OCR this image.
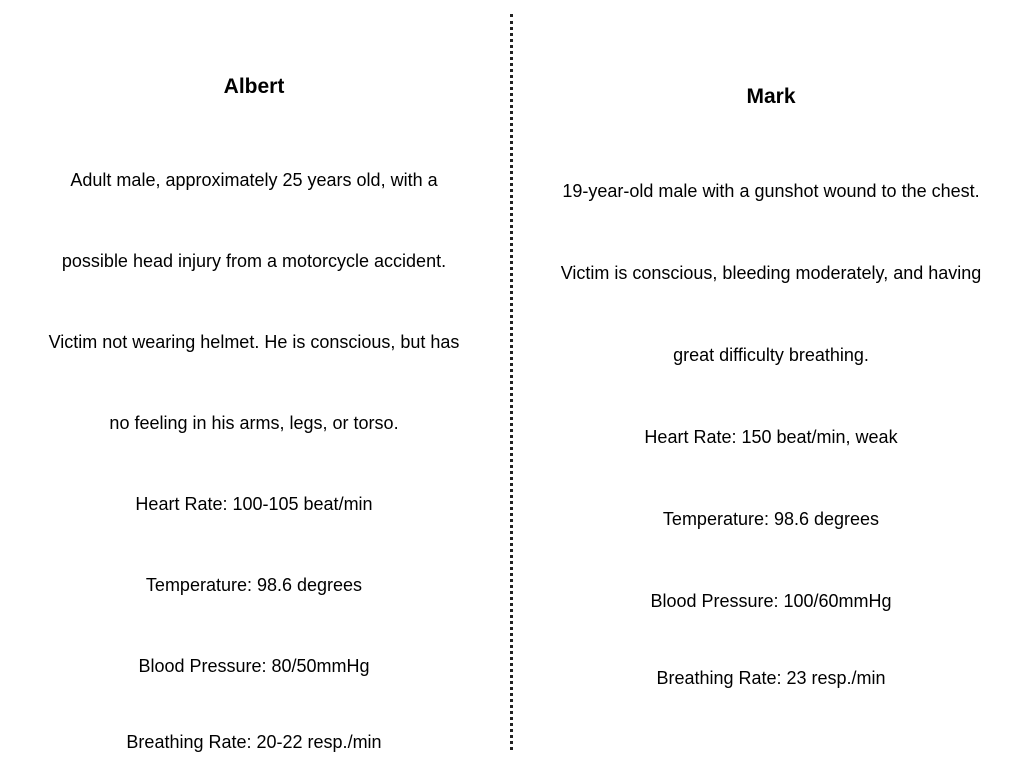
Albert
Adult male, approximately 25 years old, with a
possible head injury from a motorcycle accident.
Victim not wearing helmet. He is conscious, but has
no feeling in his arms, legs, or torso.
Heart Rate: 100-105 beat/min
Temperature: 98.6 degrees
Blood Pressure: 80/50mmHg
Breathing Rate: 20-22 resp./min
Mark
19-year-old male with a gunshot wound to the chest.
Victim is conscious, bleeding moderately, and having
great difficulty breathing.
Heart Rate: 150 beat/min, weak
Temperature: 98.6 degrees
Blood Pressure: 100/60mmHg
Breathing Rate: 23 resp./min
